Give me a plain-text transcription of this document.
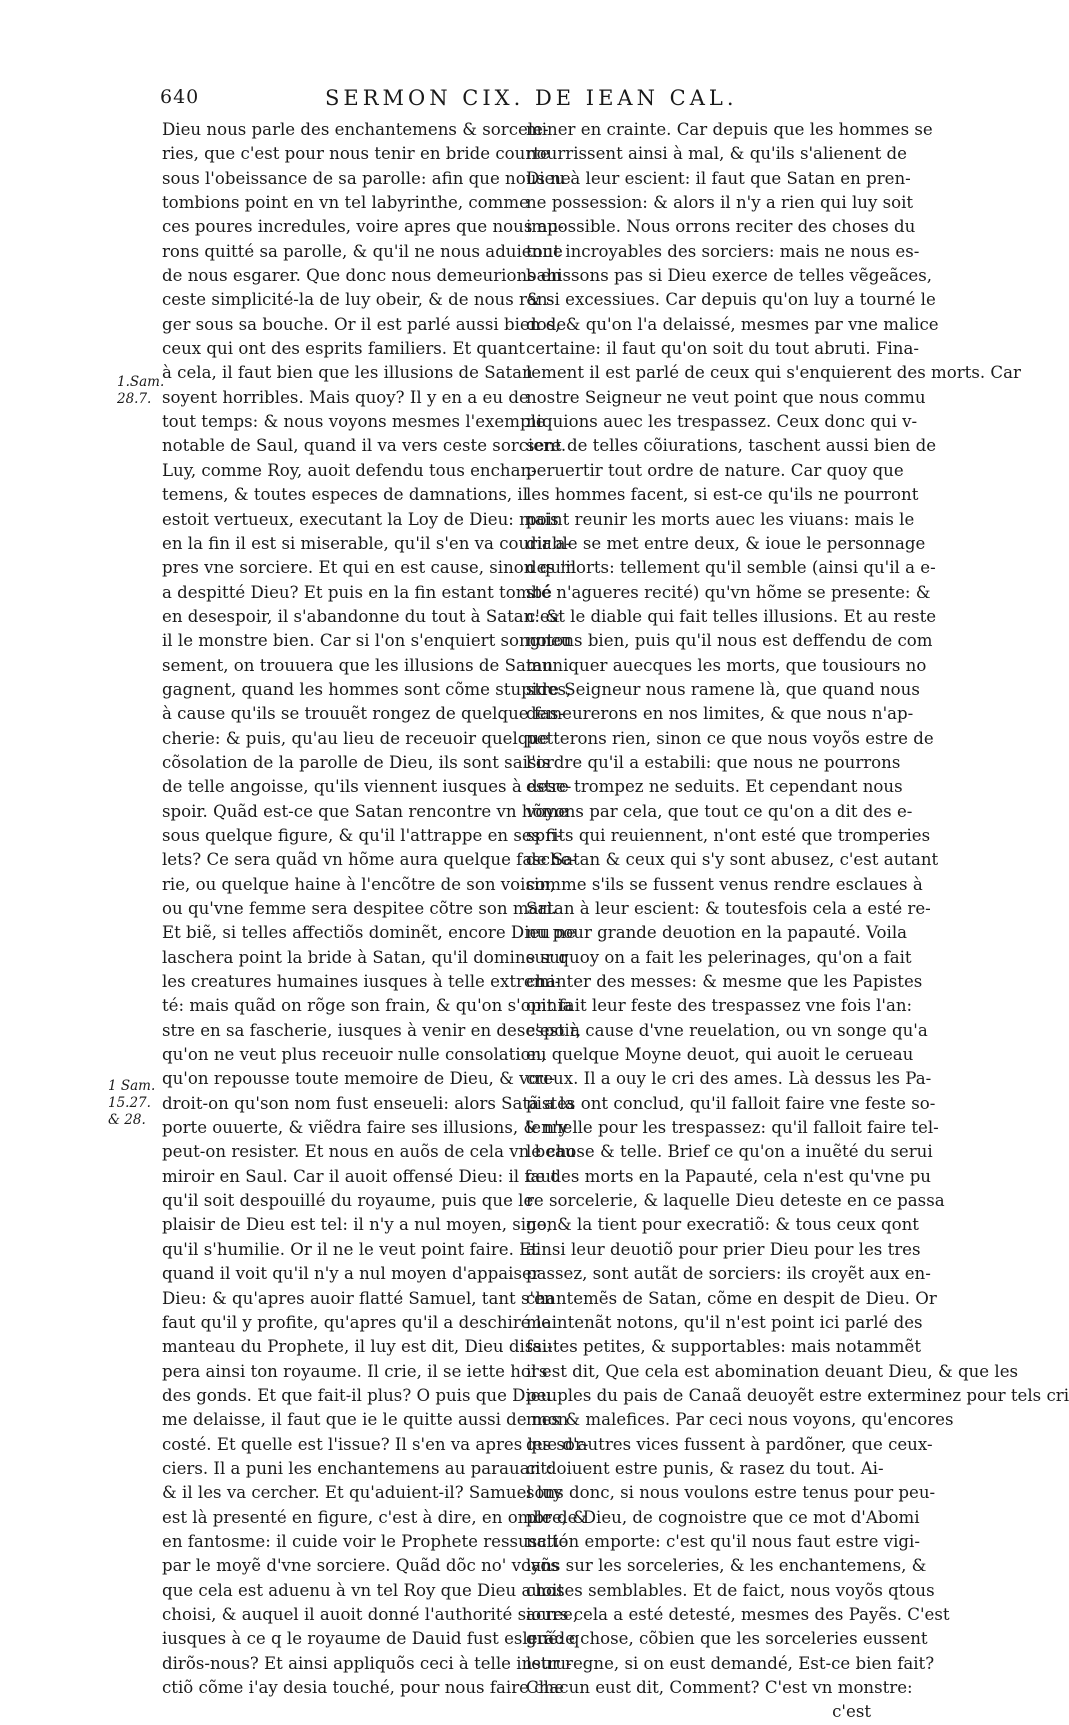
640	SERMON CIX. DE IEAN CAL.
1.Sam.
28.7.
1 Sam.
15.27.
& 28.
Dieu nous parle des enchantemens & sorcele-
ries, que c'est pour nous tenir en bride courte
sous l'obeissance de sa parolle: afin que nous ne
tombions point en vn tel labyrinthe, comme
ces poures incredules, voire apres que nous au-
rons quitté sa parolle, & qu'il ne nous aduienne
de nous esgarer. Que donc nous demeurions en
ceste simplicité-la de luy obeir, & de nous ran-
ger sous sa bouche. Or il est parlé aussi bien de
ceux qui ont des esprits familiers. Et quant
à cela, il faut bien que les illusions de Satan
soyent horribles. Mais quoy? Il y en a eu de
tout temps: & nous voyons mesmes l'exemple
notable de Saul, quand il va vers ceste sorciere.
Luy, comme Roy, auoit defendu tous enchan-
temens, & toutes especes de damnations, il
estoit vertueux, executant la Loy de Dieu: mais
en la fin il est si miserable, qu'il s'en va courir a-
pres vne sorciere. Et qui en est cause, sinon qu'il
a despitté Dieu? Et puis en la fin estant tombé
en desespoir, il s'abandonne du tout à Satan: &
il le monstre bien. Car si l'on s'enquiert songneu
sement, on trouuera que les illusions de Satan
gagnent, quand les hommes sont cõme stupides,
à cause qu'ils se trouuẽt rongez de quelque fas-
cherie: & puis, qu'au lieu de receuoir quelque
cõsolation de la parolle de Dieu, ils sont saisis
de telle angoisse, qu'ils viennent iusques à dese-
spoir. Quãd est-ce que Satan rencontre vn hõme
sous quelque figure, & qu'il l'attrappe en ses fi-
lets? Ce sera quãd vn hõme aura quelque fasche-
rie, ou quelque haine à l'encõtre de son voisin,
ou qu'vne femme sera despitee cõtre son mari.
Et biẽ, si telles affectiõs dominẽt, encore Dieu ne
laschera point la bride à Satan, qu'il domine sur
les creatures humaines iusques à telle extremi-
té: mais quãd on rõge son frain, & qu'on s'opinia
stre en sa fascherie, iusques à venir en desespoir,
qu'on ne veut plus receuoir nulle consolation,
qu'on repousse toute memoire de Dieu, & vou-
droit-on qu'son nom fust enseueli: alors Satã a la
porte ouuerte, & viẽdra faire ses illusions, & n'y
peut-on resister. Et nous en auõs de cela vn beau
miroir en Saul. Car il auoit offensé Dieu: il faut
qu'il soit despouillé du royaume, puis que le
plaisir de Dieu est tel: il n'y a nul moyen, sinon
qu'il s'humilie. Or il ne le veut point faire. Et
quand il voit qu'il n'y a nul moyen d'appaiser
Dieu: & qu'apres auoir flatté Samuel, tant s'en
faut qu'il y profite, qu'apres qu'il a deschiré le
manteau du Prophete, il luy est dit, Dieu dissi-
pera ainsi ton royaume. Il crie, il se iette hors
des gonds. Et que fait-il plus? O puis que Dieu
me delaisse, il faut que ie le quitte aussi de mon
costé. Et quelle est l'issue? Il s'en va apres les sor-
ciers. Il a puni les enchantemens au parauant:
& il les va cercher. Et qu'aduient-il? Samuel luy
est là presenté en figure, c'est à dire, en ombre, &
en fantosme: il cuide voir le Prophete ressuscité
par le moyẽ d'vne sorciere. Quãd dõc no' voyõs
que cela est aduenu à vn tel Roy que Dieu auoit
choisi, & auquel il auoit donné l'authorité sacree,
iusques à ce q le royaume de Dauid fust esleué: q
dirõs-nous? Et ainsi appliquõs ceci à telle instru-
ctiõ cõme i'ay desia touché, pour nous faire che
miner en crainte. Car depuis que les hommes se
nourrissent ainsi à mal, & qu'ils s'alienent de
Dieu à leur escient: il faut que Satan en pren-
ne possession: & alors il n'y a rien qui luy soit
impossible. Nous orrons reciter des choses du
tout incroyables des sorciers: mais ne nous es-
bahissons pas si Dieu exerce de telles vẽgeãces,
& si excessiues. Car depuis qu'on luy a tourné le
dos, & qu'on l'a delaissé, mesmes par vne malice
certaine: il faut qu'on soit du tout abruti. Fina-
lement il est parlé de ceux qui s'enquierent des morts. Car
nostre Seigneur ne veut point que nous commu
niquions auec les trespassez. Ceux donc qui v-
sent de telles cõiurations, taschent aussi bien de
peruertir tout ordre de nature. Car quoy que
les hommes facent, si est-ce qu'ils ne pourront
point reunir les morts auec les viuans: mais le
diable se met entre deux, & ioue le personnage
des morts: tellement qu'il semble (ainsi qu'il a e-
sté n'agueres recité) qu'vn hõme se presente: &
c'est le diable qui fait telles illusions. Et au reste
notons bien, puis qu'il nous est deffendu de com
muniquer auecques les morts, que tousiours no
stre Seigneur nous ramene là, que quand nous
demeurerons en nos limites, & que nous n'ap-
petterons rien, sinon ce que nous voyõs estre de
l'ordre qu'il a estabili: que nous ne pourrons
estre trompez ne seduits. Et cependant nous
voyons par cela, que tout ce qu'on a dit des e-
sprits qui reuiennent, n'ont esté que tromperies
de Satan & ceux qui s'y sont abusez, c'est autant
comme s'ils se fussent venus rendre esclaues à
Satan à leur escient: & toutesfois cela a esté re-
nu pour grande deuotion en la papauté. Voila
sur quoy on a fait les pelerinages, qu'on a fait
chanter des messes: & mesme que les Papistes
ont fait leur feste des trespassez vne fois l'an:
c'est à cause d'vne reuelation, ou vn songe qu'a
eu quelque Moyne deuot, qui auoit le cerueau
creux. Il a ouy le cri des ames. Là dessus les Pa-
pistes ont conclud, qu'il falloit faire vne feste so-
lennelle pour les trespassez: qu'il falloit faire tel-
le chose & telle. Brief ce qu'on a inuẽté du serui
ce des morts en la Papauté, cela n'est qu'vne pu
re sorcelerie, & laquelle Dieu deteste en ce passa
ge, & la tient pour execratiõ: & tous ceux qont
ainsi leur deuotiõ pour prier Dieu pour les tres
passez, sont autãt de sorciers: ils croyẽt aux en-
chantemẽs de Satan, cõme en despit de Dieu. Or
maintenãt notons, qu'il n'est point ici parlé des
fautes petites, & supportables: mais notammẽt
il est dit, Que cela est abomination deuant Dieu, & que les
peuples du pais de Canaã deuoyẽt estre exterminez pour tels cri
mes & malefices. Par ceci nous voyons, qu'encores
que d'autres vices fussent à pardõner, que ceux-
ci doiuent estre punis, & rasez du tout. Ai-
sons donc, si nous voulons estre tenus pour peu-
ple de Dieu, de cognoistre que ce mot d'Abomi
nation emporte: c'est qu'il nous faut estre vigi-
lans sur les sorceleries, & les enchantemens, &
choses semblables. Et de faict, nous voyõs qtous
iours cela a esté detesté, mesmes des Payẽs. C'est
grãde chose, cõbien que les sorceleries eussent
leur regne, si on eust demandé, Est-ce bien fait?
Chacun eust dit, Comment? C'est vn monstre:
c'est
